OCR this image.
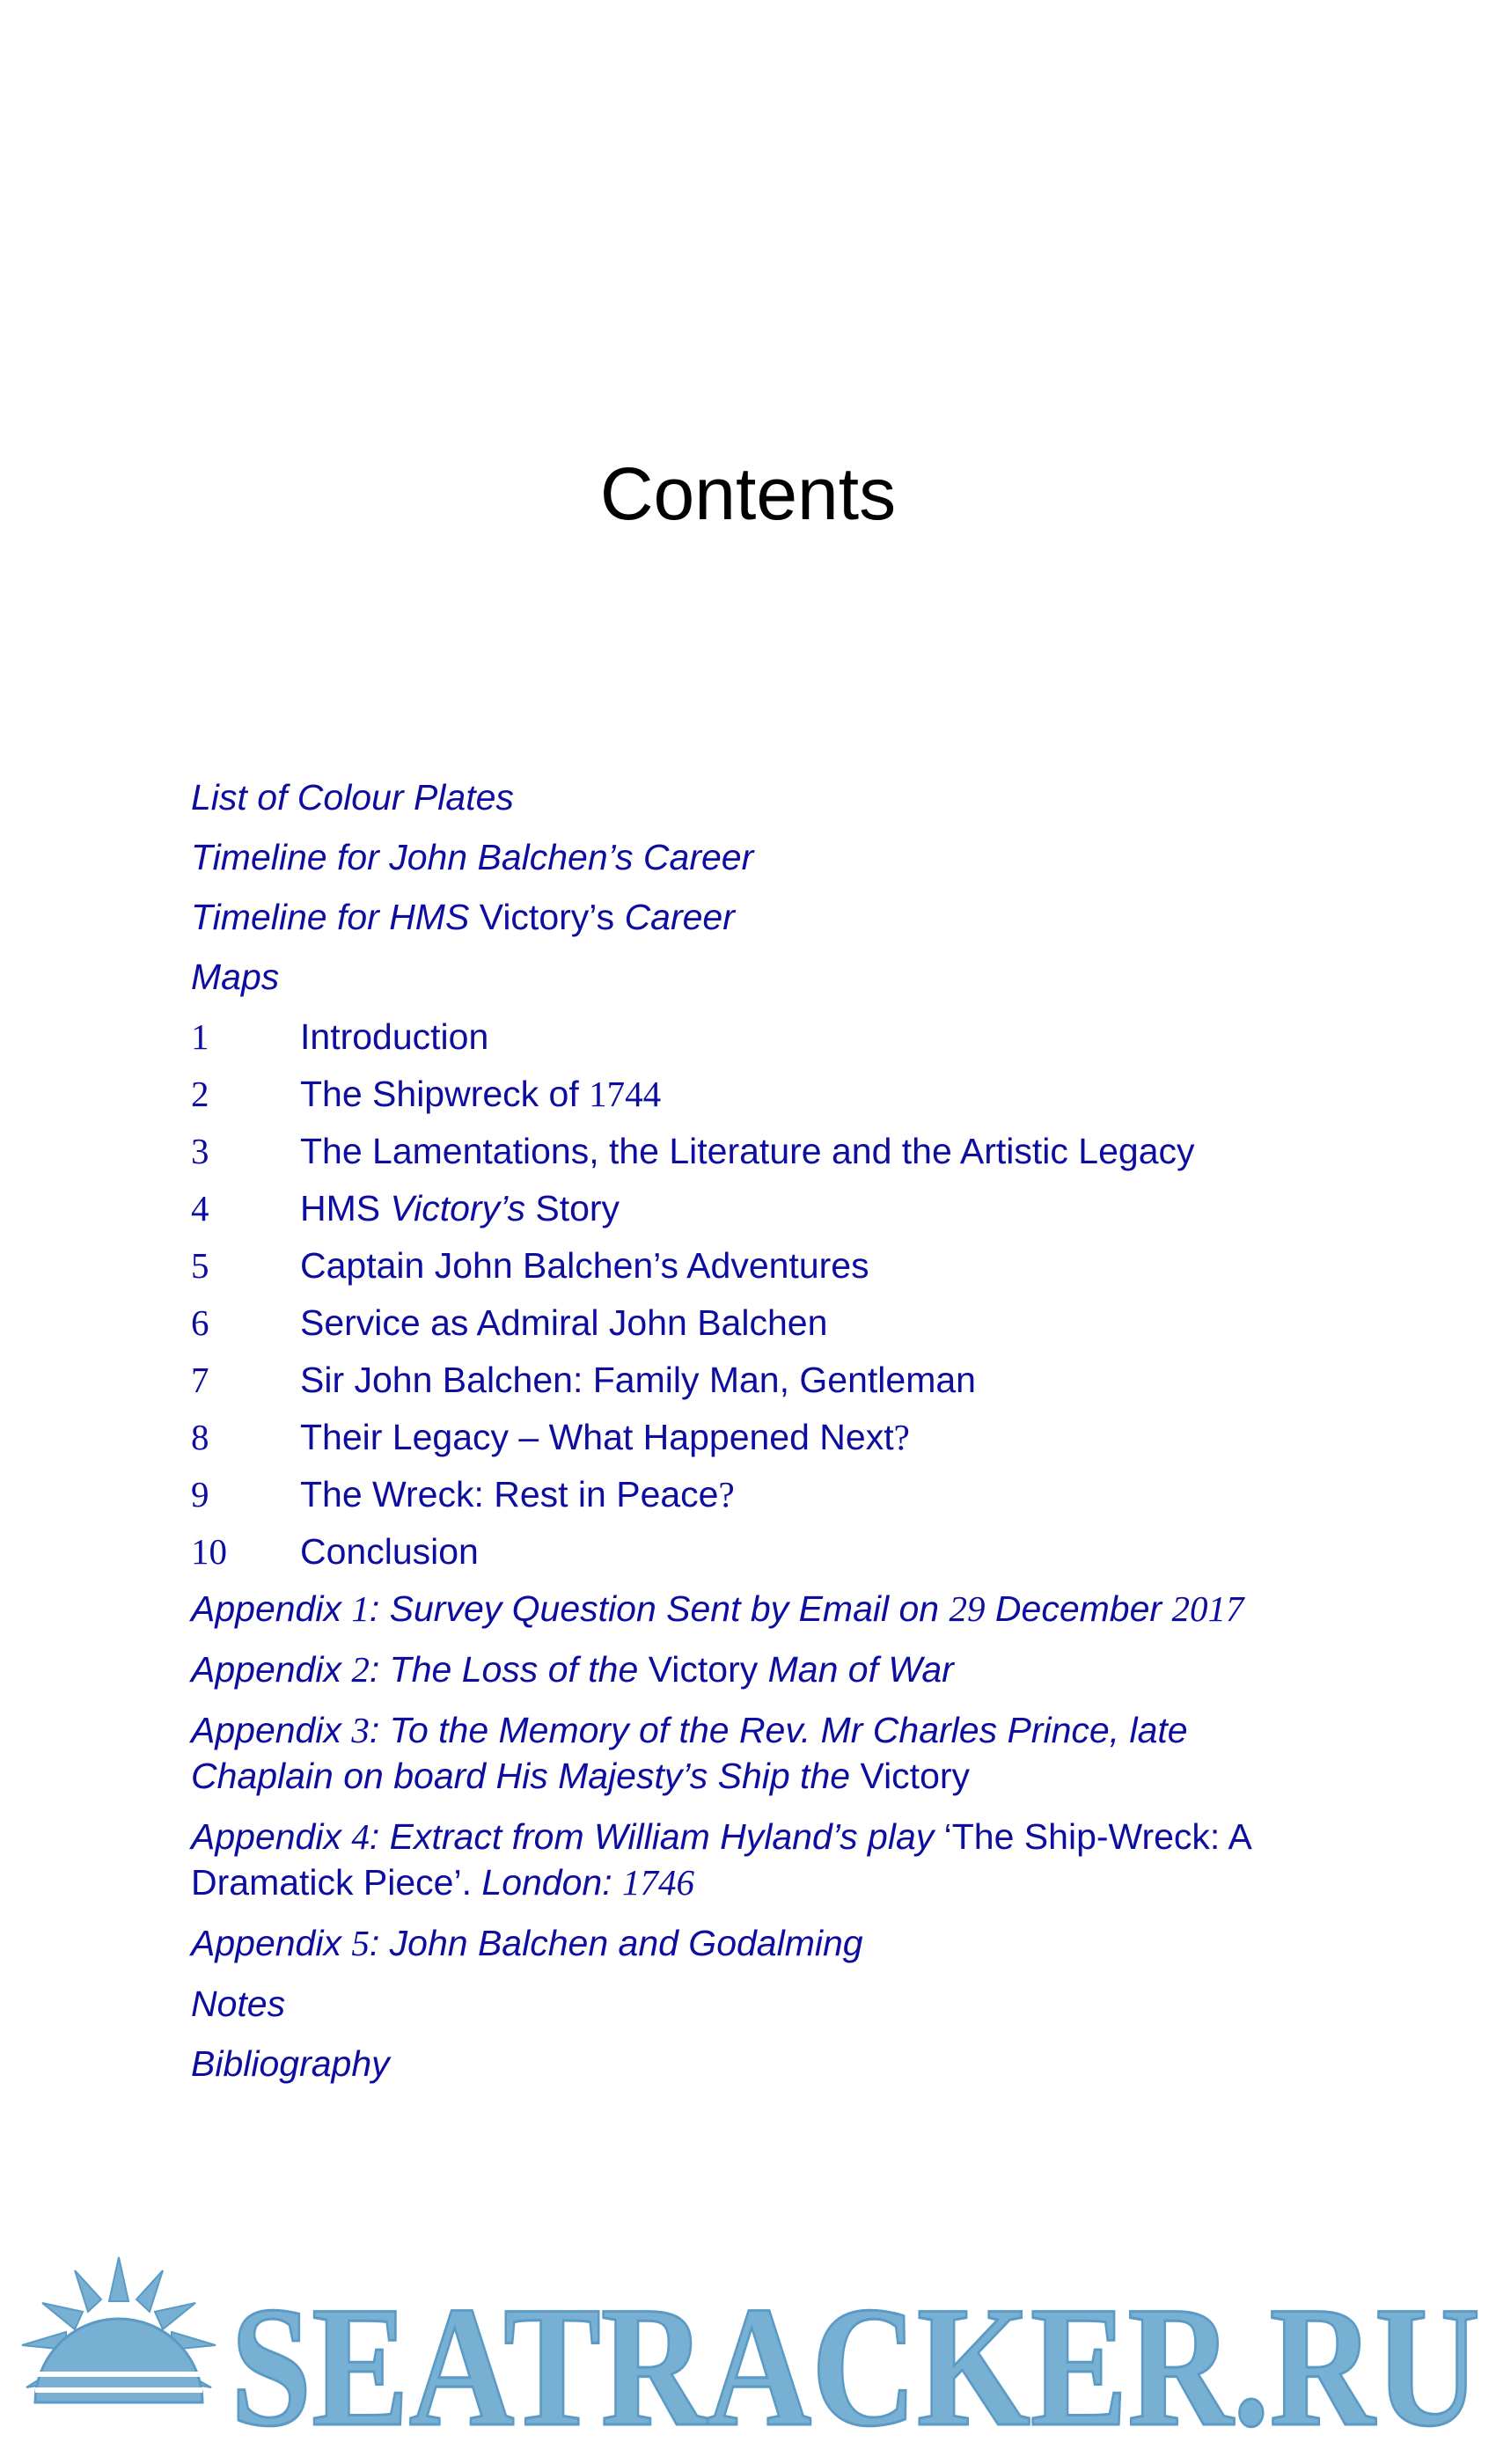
Contents
List of Colour Plates
Timeline for John Balchen’s Career
Timeline for HMS Victory’s Career
Maps
1	Introduction
2	The Shipwreck of 1744
3	The Lamentations, the Literature and the Artistic Legacy
4	HMS Victory’s Story
5	Captain John Balchen’s Adventures
6	Service as Admiral John Balchen
7	Sir John Balchen: Family Man, Gentleman
8	Their Legacy – What Happened Next?
9	The Wreck: Rest in Peace?
10	Conclusion
Appendix 1: Survey Question Sent by Email on 29 December 2017
Appendix 2: The Loss of the Victory Man of War
Appendix 3: To the Memory of the Rev. Mr Charles Prince, late
Chaplain on board His Majesty’s Ship the Victory
Appendix 4: Extract from William Hyland’s play ‘The Ship-Wreck: A
Dramatick Piece’. London: 1746
Appendix 5: John Balchen and Godalming
Notes
Bibliography
SEATRACKER.RU
